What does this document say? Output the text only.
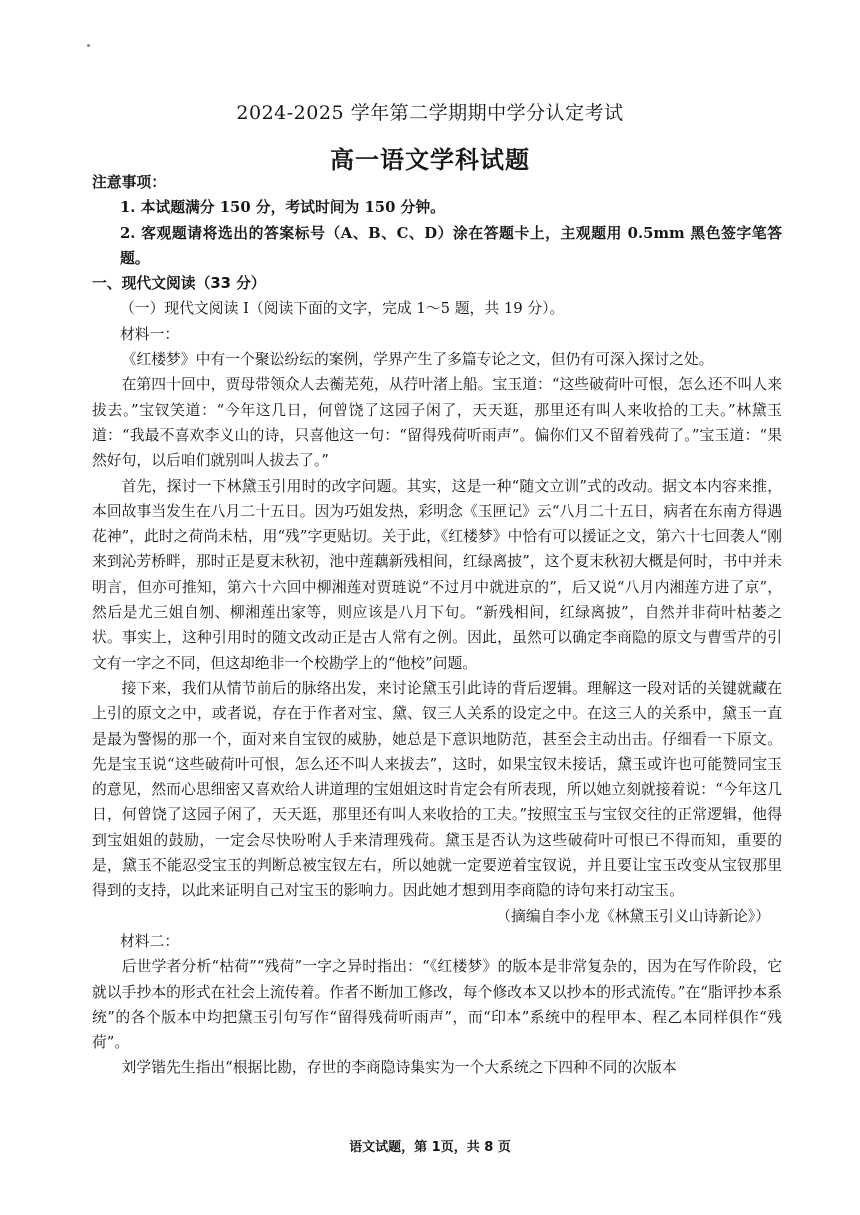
2024-2025 学年第二学期期中学分认定考试
高一语文学科试题

注意事项：

1. 本试题满分 150 分，考试时间为 150 分钟。

2. 客观题请将选出的答案标号（A、B、C、D）涂在答题卡上，主观题用 0.5mm 黑色签字笔答题。

一、现代文阅读（33 分）

（一）现代文阅读 Ⅰ（阅读下面的文字，完成 1～5 题，共 19 分）。

材料一：

《红楼梦》中有一个聚讼纷纭的案例，学界产生了多篇专论之文，但仍有可深入探讨之处。

在第四十回中，贾母带领众人去蘅芜苑，从荇叶渚上船。宝玉道：“这些破荷叶可恨，怎么还不叫人来拔去。”宝钗笑道：“今年这几日，何曾饶了这园子闲了，天天逛，那里还有叫人来收拾的工夫。”林黛玉道：“我最不喜欢李义山的诗，只喜他这一句：“留得残荷听雨声”。偏你们又不留着残荷了。”宝玉道：“果然好句，以后咱们就别叫人拔去了。”

首先，探讨一下林黛玉引用时的改字问题。其实，这是一种“随文立训”式的改动。据文本内容来推，本回故事当发生在八月二十五日。因为巧姐发热，彩明念《玉匣记》云“八月二十五日，病者在东南方得遇花神”，此时之荷尚未枯，用“残”字更贴切。关于此，《红楼梦》中恰有可以援证之文，第六十七回袭人“刚来到沁芳桥畔，那时正是夏末秋初，池中莲藕新残相间，红绿离披”，这个夏末秋初大概是何时，书中并未明言，但亦可推知，第六十六回中柳湘莲对贾琏说“不过月中就进京的”，后又说“八月内湘莲方进了京”，然后是尤三姐自刎、柳湘莲出家等，则应该是八月下旬。“新残相间，红绿离披”，自然并非荷叶枯萎之状。事实上，这种引用时的随文改动正是古人常有之例。因此，虽然可以确定李商隐的原文与曹雪芹的引文有一字之不同，但这却绝非一个校勘学上的“他校”问题。

接下来，我们从情节前后的脉络出发，来讨论黛玉引此诗的背后逻辑。理解这一段对话的关键就藏在上引的原文之中，或者说，存在于作者对宝、黛、钗三人关系的设定之中。在这三人的关系中，黛玉一直是最为警惕的那一个，面对来自宝钗的威胁，她总是下意识地防范，甚至会主动出击。仔细看一下原文。先是宝玉说“这些破荷叶可恨，怎么还不叫人来拔去”，这时，如果宝钗未接话，黛玉或许也可能赞同宝玉的意见，然而心思细密又喜欢给人讲道理的宝姐姐这时肯定会有所表现，所以她立刻就接着说：“今年这几日，何曾饶了这园子闲了，天天逛，那里还有叫人来收拾的工夫。”按照宝玉与宝钗交往的正常逻辑，他得到宝姐姐的鼓励，一定会尽快吩咐人手来清理残荷。黛玉是否认为这些破荷叶可恨已不得而知，重要的是，黛玉不能忍受宝玉的判断总被宝钗左右，所以她就一定要逆着宝钗说，并且要让宝玉改变从宝钗那里得到的支持，以此来证明自己对宝玉的影响力。因此她才想到用李商隐的诗句来打动宝玉。

（摘编自李小龙《林黛玉引义山诗新论》）

材料二：

后世学者分析“枯荷”“残荷”一字之异时指出：“《红楼梦》的版本是非常复杂的，因为在写作阶段，它就以手抄本的形式在社会上流传着。作者不断加工修改，每个修改本又以抄本的形式流传。”在“脂评抄本系统”的各个版本中均把黛玉引句写作“留得残荷听雨声”，而“印本”系统中的程甲本、程乙本同样俱作“残荷”。

刘学锴先生指出“根据比勘，存世的李商隐诗集实为一个大系统之下四种不同的次版本

语文试题，第 1页，共 8 页
